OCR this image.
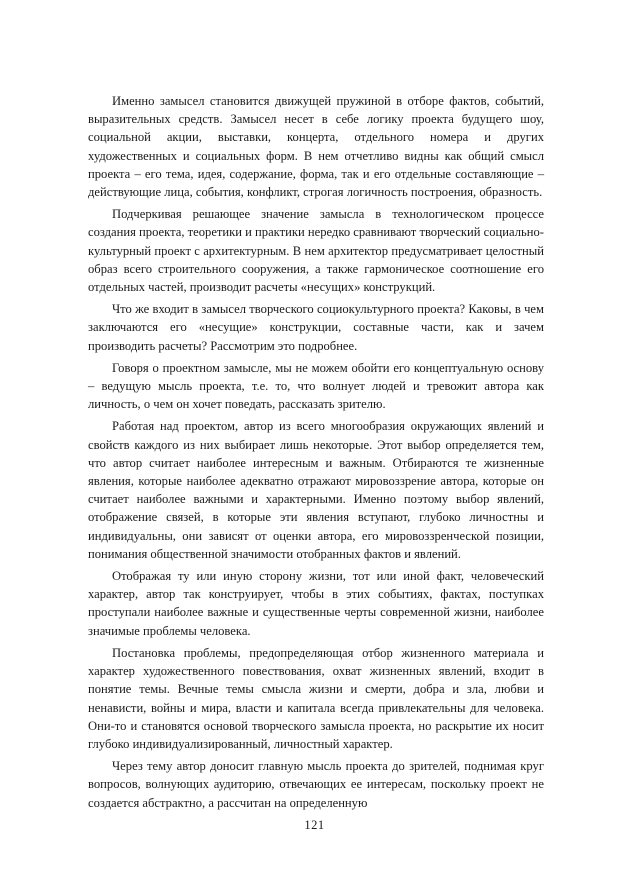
Именно замысел становится движущей пружиной в отборе фактов, событий, выразительных средств. Замысел несет в себе логику проекта будущего шоу, социальной акции, выставки, концерта, отдельного номера и других художественных и социальных форм. В нем отчетливо видны как общий смысл проекта – его тема, идея, содержание, форма, так и его отдельные составляющие – действующие лица, события, конфликт, строгая логичность построения, образность.

Подчеркивая решающее значение замысла в технологическом процессе создания проекта, теоретики и практики нередко сравнивают творческий социально-культурный проект с архитектурным. В нем архитектор предусматривает целостный образ всего строительного сооружения, а также гармоническое соотношение его отдельных частей, производит расчеты «несущих» конструкций.

Что же входит в замысел творческого социокультурного проекта? Каковы, в чем заключаются его «несущие» конструкции, составные части, как и зачем производить расчеты? Рассмотрим это подробнее.

Говоря о проектном замысле, мы не можем обойти его концептуальную основу – ведущую мысль проекта, т.е. то, что волнует людей и тревожит автора как личность, о чем он хочет поведать, рассказать зрителю.

Работая над проектом, автор из всего многообразия окружающих явлений и свойств каждого из них выбирает лишь некоторые. Этот выбор определяется тем, что автор считает наиболее интересным и важным. Отбираются те жизненные явления, которые наиболее адекватно отражают мировоззрение автора, которые он считает наиболее важными и характерными. Именно поэтому выбор явлений, отображение связей, в которые эти явления вступают, глубоко личностны и индивидуальны, они зависят от оценки автора, его мировоззренческой позиции, понимания общественной значимости отобранных фактов и явлений.

Отображая ту или иную сторону жизни, тот или иной факт, человеческий характер, автор так конструирует, чтобы в этих событиях, фактах, поступках проступали наиболее важные и существенные черты современной жизни, наиболее значимые проблемы человека.

Постановка проблемы, предопределяющая отбор жизненного материала и характер художественного повествования, охват жизненных явлений, входит в понятие темы. Вечные темы смысла жизни и смерти, добра и зла, любви и ненависти, войны и мира, власти и капитала всегда привлекательны для человека. Они-то и становятся основой творческого замысла проекта, но раскрытие их носит глубоко индивидуализированный, личностный характер.

Через тему автор доносит главную мысль проекта до зрителей, поднимая круг вопросов, волнующих аудиторию, отвечающих ее интересам, поскольку проект не создается абстрактно, а рассчитан на определенную

121
